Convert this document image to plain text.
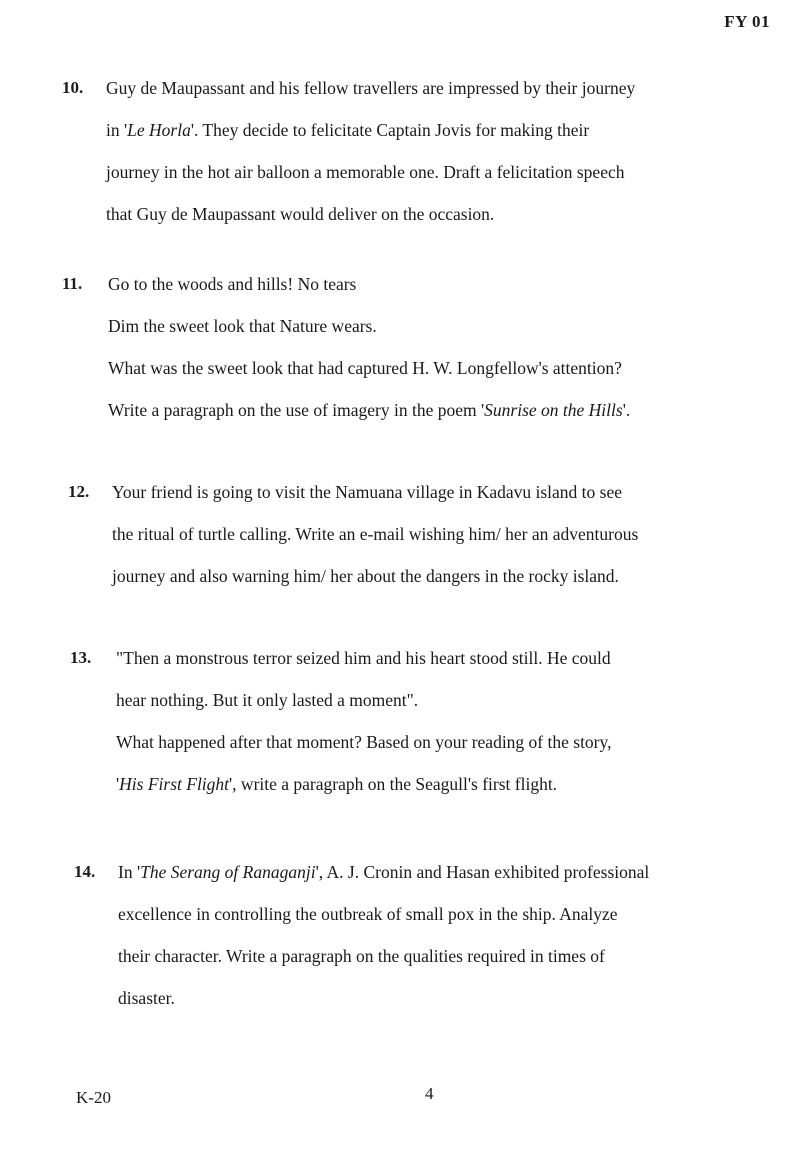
FY 01
10. Guy de Maupassant and his fellow travellers are impressed by their journey
in 'Le Horla'. They decide to felicitate Captain Jovis for making their
journey in the hot air balloon a memorable one. Draft a felicitation speech
that Guy de Maupassant would deliver on the occasion.
11. Go to the woods and hills! No tears
Dim the sweet look that Nature wears.
What was the sweet look that had captured H. W. Longfellow's attention?
Write a paragraph on the use of imagery in the poem 'Sunrise on the Hills'.
12. Your friend is going to visit the Namuana village in Kadavu island to see
the ritual of turtle calling. Write an e-mail wishing him/ her an adventurous
journey and also warning him/ her about the dangers in the rocky island.
13. "Then a monstrous terror seized him and his heart stood still. He could
hear nothing. But it only lasted a moment".
What happened after that moment? Based on your reading of the story,
'His First Flight', write a paragraph on the Seagull's first flight.
14. In 'The Serang of Ranaganji', A. J. Cronin and Hasan exhibited professional
excellence in controlling the outbreak of small pox in the ship. Analyze
their character. Write a paragraph on the qualities required in times of
disaster.
K-20	4
